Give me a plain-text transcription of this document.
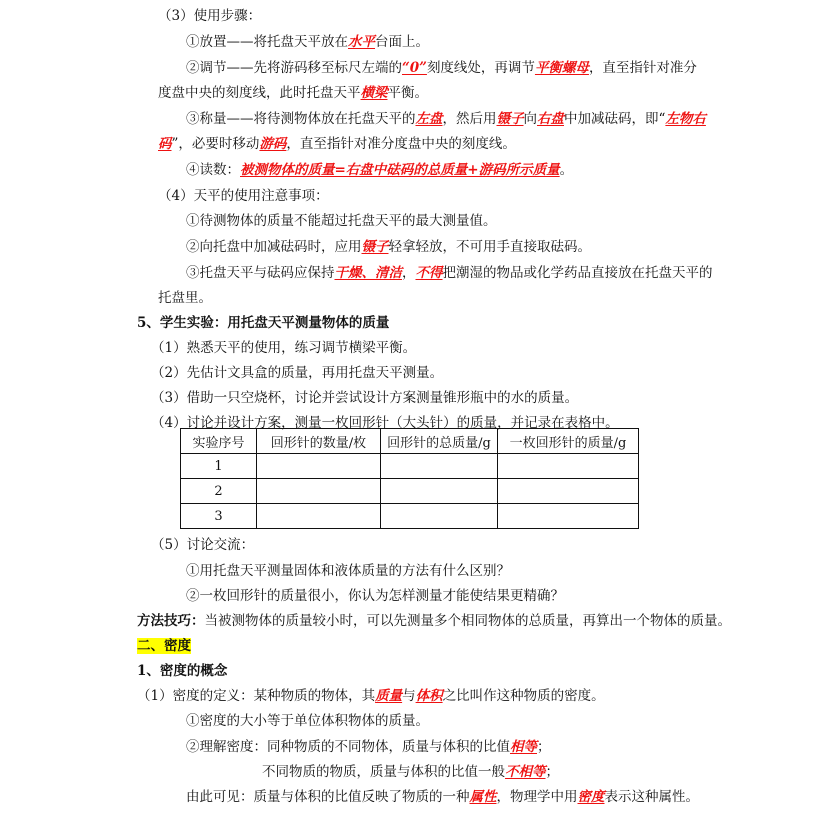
（3）使用步骤：
①放置——将托盘天平放在水平台面上。
②调节——先将游码移至标尺左端的“0”刻度线处，再调节平衡螺母，直至指针对准分
度盘中央的刻度线，此时托盘天平横梁平衡。
③称量——将待测物体放在托盘天平的左盘，然后用镊子向右盘中加减砝码，即“左物右
码”，必要时移动游码，直至指针对准分度盘中央的刻度线。
④读数：被测物体的质量=右盘中砝码的总质量+游码所示质量。
（4）天平的使用注意事项：
①待测物体的质量不能超过托盘天平的最大测量值。
②向托盘中加减砝码时，应用镊子轻拿轻放，不可用手直接取砝码。
③托盘天平与砝码应保持干燥、清洁，不得把潮湿的物品或化学药品直接放在托盘天平的
托盘里。
5、学生实验：用托盘天平测量物体的质量
（1）熟悉天平的使用，练习调节横梁平衡。
（2）先估计文具盒的质量，再用托盘天平测量。
（3）借助一只空烧杯，讨论并尝试设计方案测量锥形瓶中的水的质量。
（4）讨论并设计方案，测量一枚回形针（大头针）的质量，并记录在表格中。
实验序号	回形针的数量/枚	回形针的总质量/g	一枚回形针的质量/g
1			
2			
3			
（5）讨论交流：
①用托盘天平测量固体和液体质量的方法有什么区别？
②一枚回形针的质量很小，你认为怎样测量才能使结果更精确？
方法技巧：当被测物体的质量较小时，可以先测量多个相同物体的总质量，再算出一个物体的质量。
二、密度
1、密度的概念
（1）密度的定义：某种物质的物体，其质量与体积之比叫作这种物质的密度。
①密度的大小等于单位体积物体的质量。
②理解密度：同种物质的不同物体，质量与体积的比值相等；
不同物质的物质，质量与体积的比值一般不相等；
由此可见：质量与体积的比值反映了物质的一种属性，物理学中用密度表示这种属性。
